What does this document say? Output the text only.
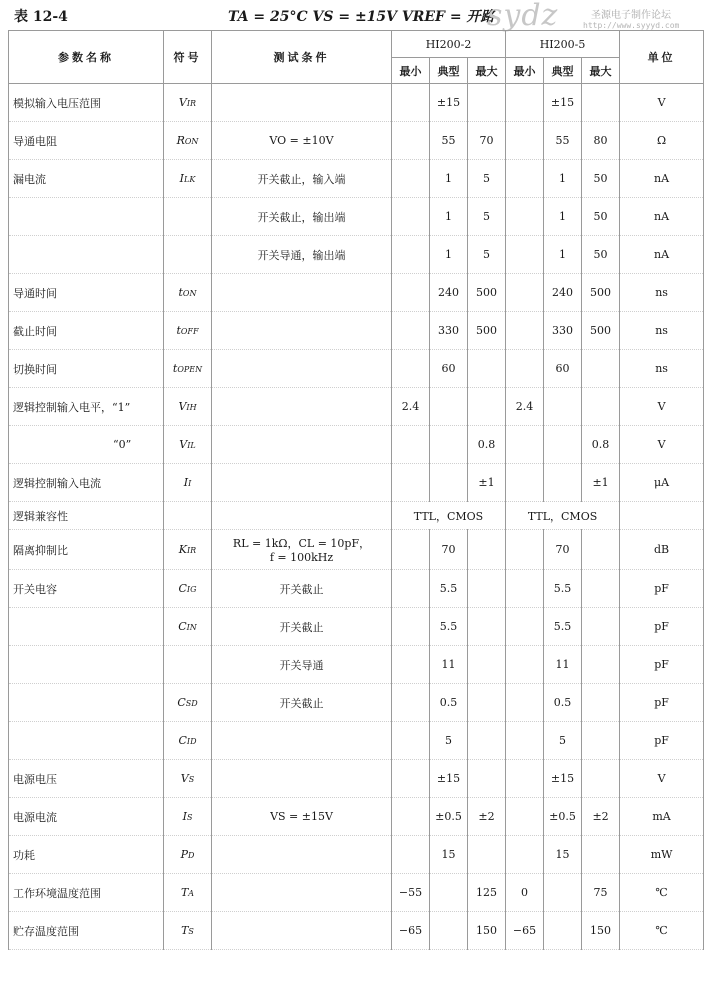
表 12-4	TA = 25°C VS = ±15V VREF = 开路
sydz	圣源电子制作论坛
http://www.syyyd.com
参数名称	符号	测试条件	HI200-2			HI200-5			单位
			最小	典型	最大	最小	典型	最大	
模拟输入电压范围	VIR			±15			±15		V
导通电阻	RON	VO = ±10V		55	70		55	80	Ω
漏电流	ILK	开关截止，输入端		1	5		1	50	nA

		开关截止，输出端		1	5		1	50	nA

		开关导通，输出端		1	5		1	50	nA
导通时间	tON			240	500		240	500	ns
截止时间	tOFF			330	500		330	500	ns
切换时间	tOPEN			60			60		ns
逻辑控制输入电平，“1”	VIH		2.4			2.4			V
“0”	VIL				0.8			0.8	V
逻辑控制输入电流	II				±1			±1	μA
逻辑兼容性			TTL，CMOS			TTL，CMOS			
隔离抑制比	KIR	RL = 1kΩ，CL = 10pF，
f = 100kHz		70			70		dB
开关电容	CIG	开关截止		5.5			5.5		pF
	CIN	开关截止		5.5			5.5		pF

		开关导通		11			11		pF
	CSD	开关截止		0.5			0.5		pF
	CID			5			5		pF
电源电压	VS			±15			±15		V
电源电流	IS	VS = ±15V		±0.5	±2		±0.5	±2	mA
功耗	PD			15			15		mW
工作环境温度范围	TA		−55		125	0		75	℃
贮存温度范围	TS		−65		150	−65		150	℃
